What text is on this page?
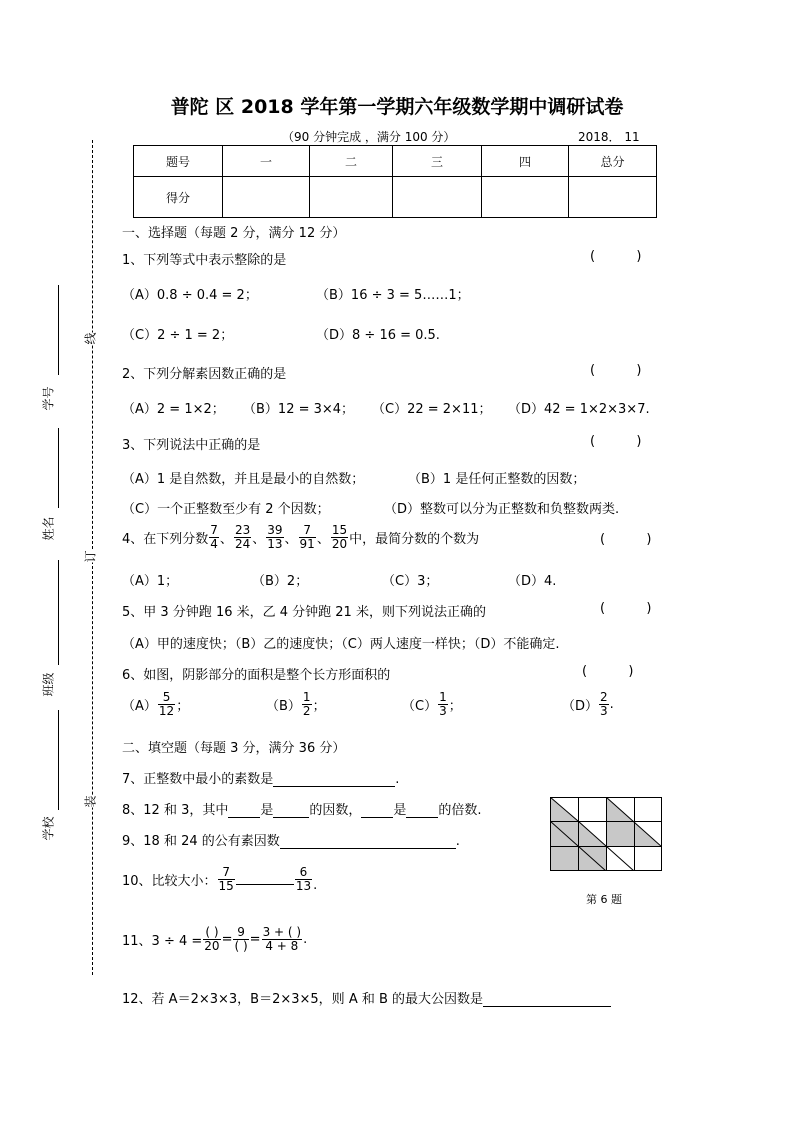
普陀 区 2018 学年第一学期六年级数学期中调研试卷
（90 分钟完成 ，满分 100 分）	2018． 11
题号	一	二	三	四	总分
得分					
线
订
装
学号
姓名
班级
学校
一、选择题（每题 2 分，满分 12 分）
1、下列等式中表示整除的是	(          )
（A）0.8 ÷ 0.4 = 2；	（B）16 ÷ 3 = 5……1；
（C）2 ÷ 1 = 2；	（D）8 ÷ 16 = 0.5.
2、下列分解素因数正确的是	(          )
（A）2 = 1×2； （B）12 = 3×4； （C）22 = 2×11； （D）42 = 1×2×3×7.
3、下列说法中正确的是	(          )
（A）1 是自然数，并且是最小的自然数；	（B）1 是任何正整数的因数；
（C）一个正整数至少有 2 个因数；	（D）整数可以分为正整数和负整数两类.
4、在下列分数 $\frac{7}{4}$ 、 $\frac{23}{24}$ 、 $\frac{39}{13}$ 、 $\frac{7}{91}$ 、 $\frac{15}{20}$ 中，最简分数的个数为	(          )
（A）1；	（B）2；	（C）3；	（D）4.
5、甲 3 分钟跑 16 米，乙 4 分钟跑 21 米，则下列说法正确的	(          )
（A）甲的速度快；（B）乙的速度快；（C）两人速度一样快；（D）不能确定.
6、如图，阴影部分的面积是整个长方形面积的	(          )
$(A) \frac{5}{12}$ ；	$(B) \frac{1}{2}$ ；	$(C) \frac{1}{3}$ ；	$(D) \frac{2}{3}$ .
二、填空题（每题 3 分，满分 36 分）
7、正整数中最小的素数是	.
8、12 和 3，其中 是	的因数， 是 的倍数.
9、18 和 24 的公有素因数	.
10、比较大小： $\frac{7}{15}$	$\frac{6}{13}$ .
11、$3 \div 4 = \frac{( )}{20} = \frac{9}{( )} = \frac{3 + ( )}{4 + 8}$ .
12、若 A＝2×3×3，B＝2×3×5，则 A 和 B 的最大公因数是
第 6 题
